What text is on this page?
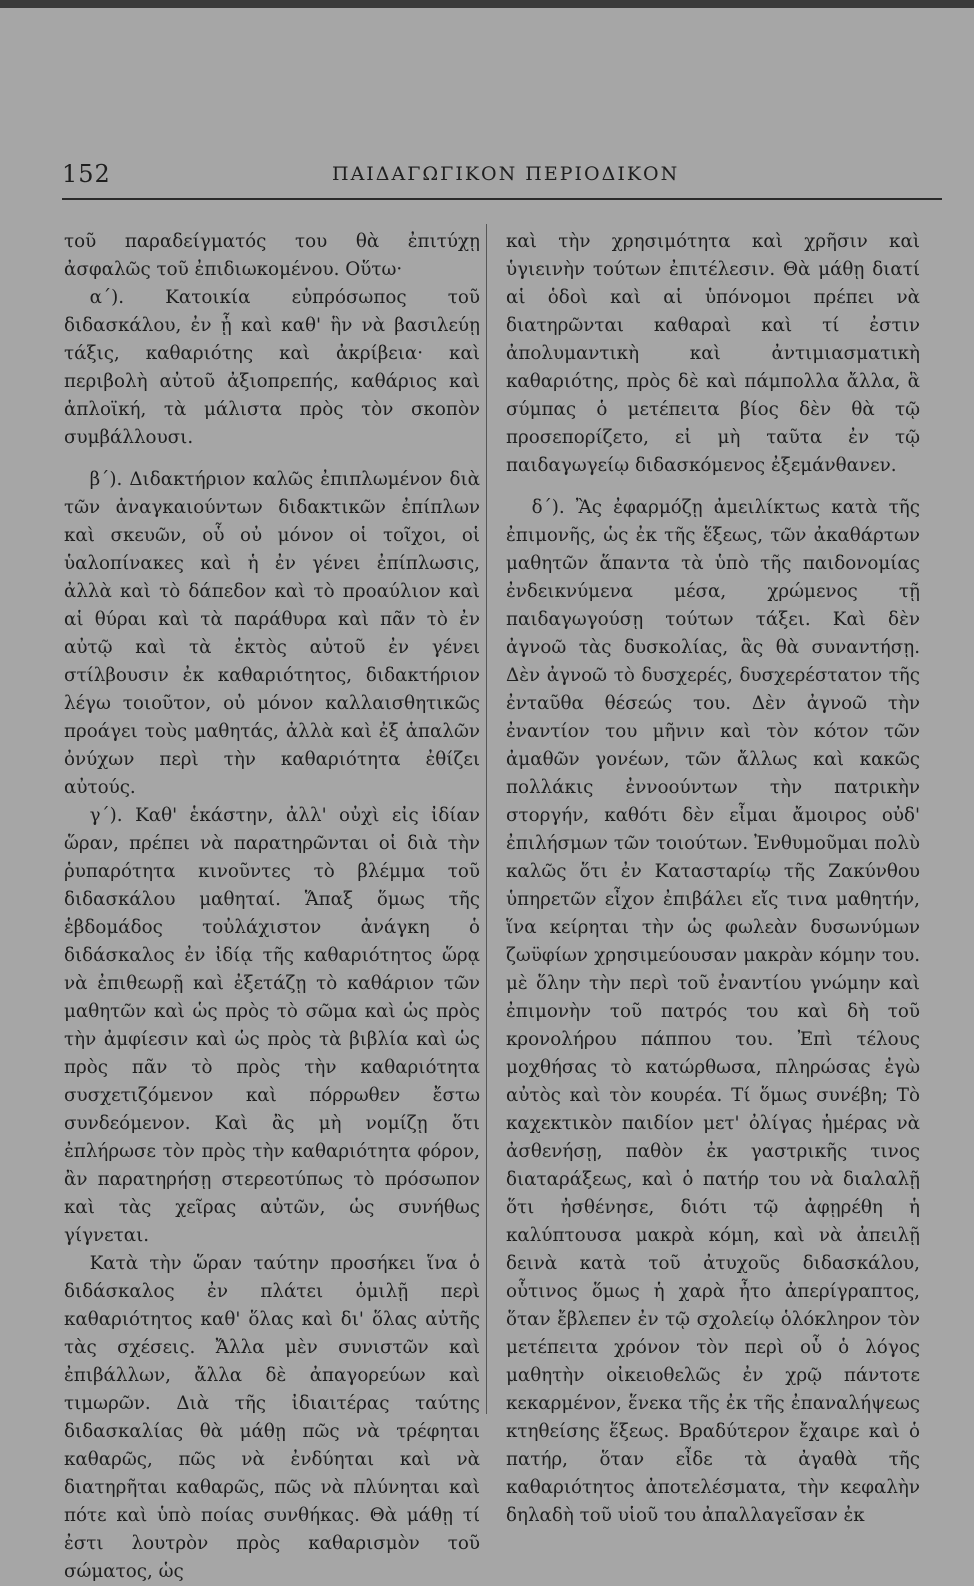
152	ΠΑΙΔΑΓΩΓΙΚΟΝ ΠΕΡΙΟΔΙΚΟΝ

τοῦ παραδείγματός του θὰ ἐπιτύχῃ ἀσφαλῶς τοῦ ἐπιδιωκομένου. Οὕτω·

α΄). Κατοικία εὐπρόσωπος τοῦ διδασκάλου, ἐν ᾗ καὶ καθ' ἣν νὰ βασιλεύῃ τάξις, καθαριότης καὶ ἀκρίβεια· καὶ περιβολὴ αὐτοῦ ἀξιοπρεπής, καθάριος καὶ ἁπλοϊκή, τὰ μάλιστα πρὸς τὸν σκοπὸν συμβάλλουσι.

β΄). Διδακτήριον καλῶς ἐπιπλωμένον διὰ τῶν ἀναγκαιούντων διδακτικῶν ἐπίπλων καὶ σκευῶν, οὗ οὐ μόνον οἱ τοῖχοι, οἱ ὑαλοπίνακες καὶ ἡ ἐν γένει ἐπίπλωσις, ἀλλὰ καὶ τὸ δάπεδον καὶ τὸ προαύλιον καὶ αἱ θύραι καὶ τὰ παράθυρα καὶ πᾶν τὸ ἐν αὐτῷ καὶ τὰ ἐκτὸς αὐτοῦ ἐν γένει στίλβουσιν ἐκ καθαριότητος, διδακτήριον λέγω τοιοῦτον, οὐ μόνον καλλαισθητικῶς προάγει τοὺς μαθητάς, ἀλλὰ καὶ ἐξ ἁπαλῶν ὀνύχων περὶ τὴν καθαριότητα ἐθίζει αὐτούς.

γ΄). Καθ' ἑκάστην, ἀλλ' οὐχὶ εἰς ἰδίαν ὥραν, πρέπει νὰ παρατηρῶνται οἱ διὰ τὴν ῥυπαρότητα κινοῦντες τὸ βλέμμα τοῦ διδασκάλου μαθηταί. Ἅπαξ ὅμως τῆς ἑβδομάδος τοὐλάχιστον ἀνάγκη ὁ διδάσκαλος ἐν ἰδίᾳ τῆς καθαριότητος ὥρᾳ νὰ ἐπιθεωρῇ καὶ ἐξετάζῃ τὸ καθάριον τῶν μαθητῶν καὶ ὡς πρὸς τὸ σῶμα καὶ ὡς πρὸς τὴν ἀμφίεσιν καὶ ὡς πρὸς τὰ βιβλία καὶ ὡς πρὸς πᾶν τὸ πρὸς τὴν καθαριότητα συσχετιζόμενον καὶ πόρρωθεν ἔστω συνδεόμενον. Καὶ ἂς μὴ νομίζῃ ὅτι ἐπλήρωσε τὸν πρὸς τὴν καθαριότητα φόρον, ἂν παρατηρήσῃ στερεοτύπως τὸ πρόσωπον καὶ τὰς χεῖρας αὐτῶν, ὡς συνήθως γίγνεται.

Κατὰ τὴν ὥραν ταύτην προσήκει ἵνα ὁ διδάσκαλος ἐν πλάτει ὁμιλῇ περὶ καθαριότητος καθ' ὅλας καὶ δι' ὅλας αὐτῆς τὰς σχέσεις. Ἄλλα μὲν συνιστῶν καὶ ἐπιβάλλων, ἄλλα δὲ ἀπαγορεύων καὶ τιμωρῶν. Διὰ τῆς ἰδιαιτέρας ταύτης διδασκαλίας θὰ μάθῃ πῶς νὰ τρέφηται καθαρῶς, πῶς νὰ ἐνδύηται καὶ νὰ διατηρῆται καθαρῶς, πῶς νὰ πλύνηται καὶ πότε καὶ ὑπὸ ποίας συνθήκας. Θὰ μάθῃ τί ἐστι λουτρὸν πρὸς καθαρισμὸν τοῦ σώματος, ὡς

καὶ τὴν χρησιμότητα καὶ χρῆσιν καὶ ὑγιεινὴν τούτων ἐπιτέλεσιν. Θὰ μάθῃ διατί αἱ ὁδοὶ καὶ αἱ ὑπόνομοι πρέπει νὰ διατηρῶνται καθαραὶ καὶ τί ἐστιν ἀπολυμαντικὴ καὶ ἀντιμιασματικὴ καθαριότης, πρὸς δὲ καὶ πάμπολλα ἄλλα, ἃ σύμπας ὁ μετέπειτα βίος δὲν θὰ τῷ προσεπορίζετο, εἰ μὴ ταῦτα ἐν τῷ παιδαγωγείῳ διδασκόμενος ἐξεμάνθανεν.

δ΄). Ἂς ἐφαρμόζῃ ἀμειλίκτως κατὰ τῆς ἐπιμονῆς, ὡς ἐκ τῆς ἕξεως, τῶν ἀκαθάρτων μαθητῶν ἅπαντα τὰ ὑπὸ τῆς παιδονομίας ἐνδεικνύμενα μέσα, χρώμενος τῇ παιδαγωγούσῃ τούτων τάξει. Καὶ δὲν ἀγνοῶ τὰς δυσκολίας, ἃς θὰ συναντήσῃ. Δὲν ἀγνοῶ τὸ δυσχερές, δυσχερέστατον τῆς ἐνταῦθα θέσεώς του. Δὲν ἀγνοῶ τὴν ἐναντίον του μῆνιν καὶ τὸν κότον τῶν ἀμαθῶν γονέων, τῶν ἄλλως καὶ κακῶς πολλάκις ἐννοούντων τὴν πατρικὴν στοργήν, καθότι δὲν εἶμαι ἄμοιρος οὐδ' ἐπιλήσμων τῶν τοιούτων. Ἐνθυμοῦμαι πολὺ καλῶς ὅτι ἐν Κατασταρίῳ τῆς Ζακύνθου ὑπηρετῶν εἶχον ἐπιβάλει εἴς τινα μαθητήν, ἵνα κείρηται τὴν ὡς φωλεὰν δυσωνύμων ζωϋφίων χρησιμεύουσαν μακρὰν κόμην του. μὲ ὅλην τὴν περὶ τοῦ ἐναντίου γνώμην καὶ ἐπιμονὴν τοῦ πατρός του καὶ δὴ τοῦ κρονολήρου πάππου του. Ἐπὶ τέλους μοχθήσας τὸ κατώρθωσα, πληρώσας ἐγὼ αὐτὸς καὶ τὸν κουρέα. Τί ὅμως συνέβη; Τὸ καχεκτικὸν παιδίον μετ' ὀλίγας ἡμέρας νὰ ἀσθενήσῃ, παθὸν ἐκ γαστρικῆς τινος διαταράξεως, καὶ ὁ πατήρ του νὰ διαλαλῇ ὅτι ἠσθένησε, διότι τῷ ἀφῃρέθη ἡ καλύπτουσα μακρὰ κόμη, καὶ νὰ ἀπειλῇ δεινὰ κατὰ τοῦ ἀτυχοῦς διδασκάλου, οὗτινος ὅμως ἡ χαρὰ ἦτο ἀπερίγραπτος, ὅταν ἔβλεπεν ἐν τῷ σχολείῳ ὁλόκληρον τὸν μετέπειτα χρόνον τὸν περὶ οὗ ὁ λόγος μαθητὴν οἰκειοθελῶς ἐν χρῷ πάντοτε κεκαρμένον, ἕνεκα τῆς ἐκ τῆς ἐπαναλήψεως κτηθείσης ἕξεως. Βραδύτερον ἔχαιρε καὶ ὁ πατήρ, ὅταν εἶδε τὰ ἀγαθὰ τῆς καθαριότητος ἀποτελέσματα, τὴν κεφαλὴν δηλαδὴ τοῦ υἱοῦ του ἀπαλλαγεῖσαν ἐκ
